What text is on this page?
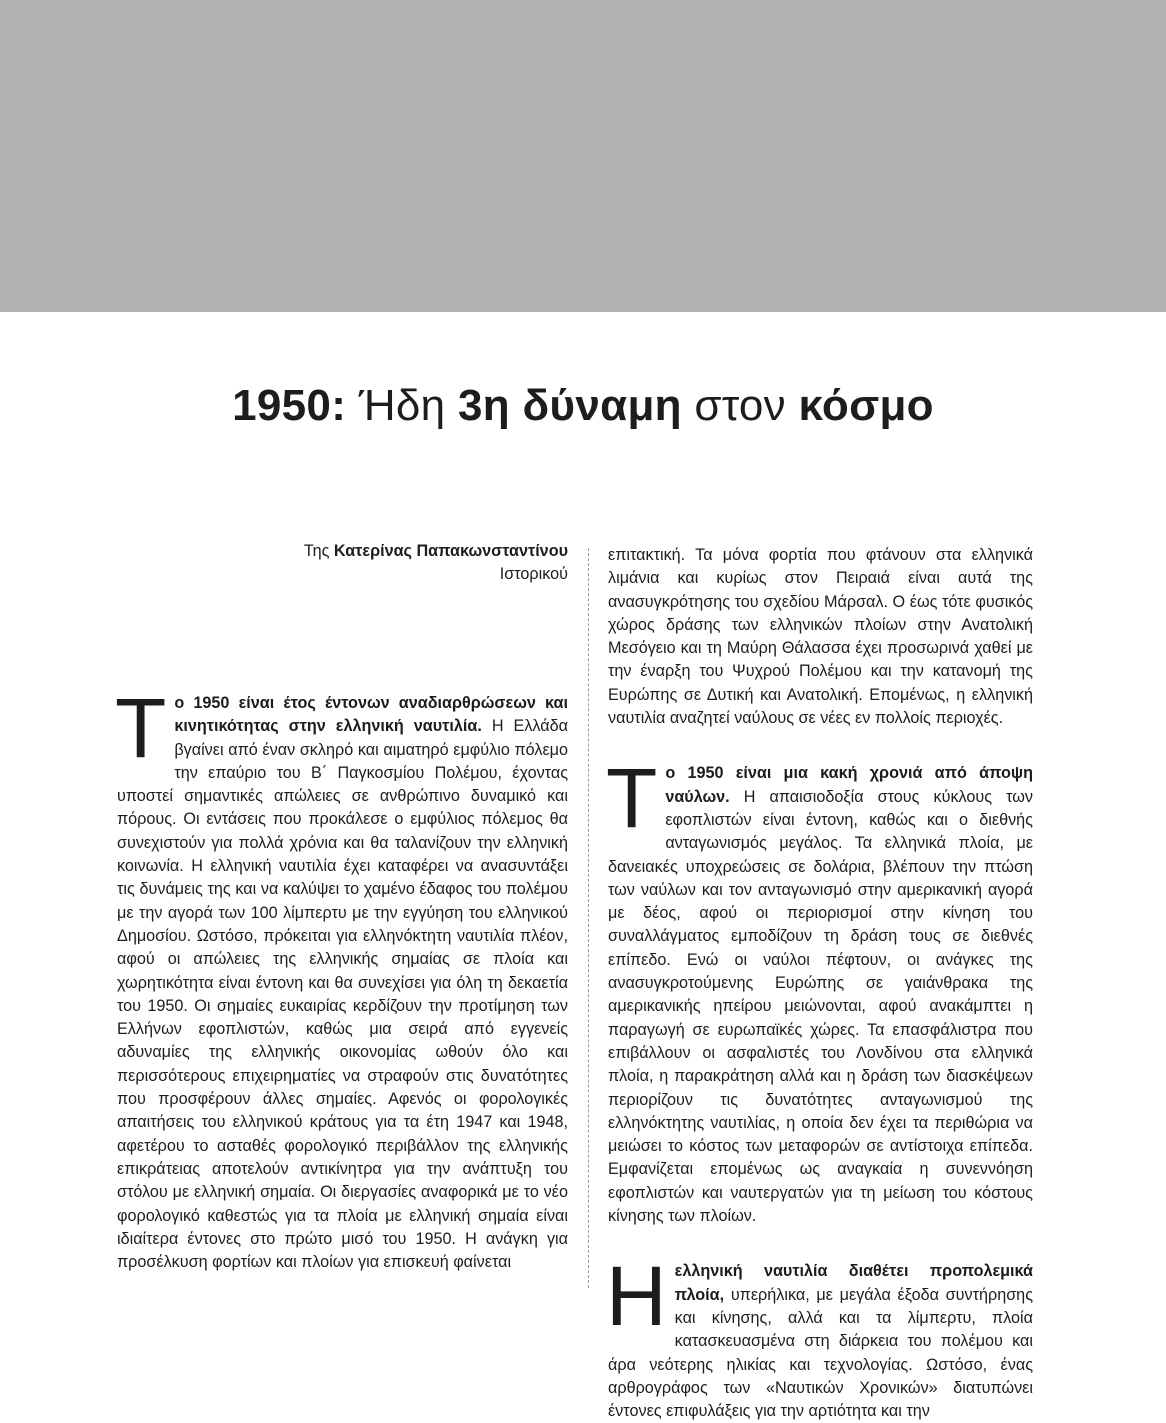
1950: Ήδη 3η δύναμη στον κόσμο
Της Κατερίνας Παπακωνσταντίνου
Ιστορικού

Το 1950 είναι έτος έντονων αναδιαρθρώσεων και κινητικότητας στην ελληνική ναυτιλία. Η Ελλάδα βγαίνει από έναν σκληρό και αιματηρό εμφύλιο πόλεμο την επαύριο του Β΄ Παγκοσμίου Πολέμου, έχοντας υποστεί σημαντικές απώλειες σε ανθρώπινο δυναμικό και πόρους. Οι εντάσεις που προκάλεσε ο εμφύλιος πόλεμος θα συνεχιστούν για πολλά χρόνια και θα ταλανίζουν την ελληνική κοινωνία. Η ελληνική ναυτιλία έχει καταφέρει να ανασυντάξει τις δυνάμεις της και να καλύψει το χαμένο έδαφος του πολέμου με την αγορά των 100 λίμπερτυ με την εγγύηση του ελληνικού Δημοσίου. Ωστόσο, πρόκειται για ελληνόκτητη ναυτιλία πλέον, αφού οι απώλειες της ελληνικής σημαίας σε πλοία και χωρητικότητα είναι έντονη και θα συνεχίσει για όλη τη δεκαετία του 1950. Οι σημαίες ευκαιρίας κερδίζουν την προτίμηση των Ελλήνων εφοπλιστών, καθώς μια σειρά από εγγενείς αδυναμίες της ελληνικής οικονομίας ωθούν όλο και περισσότερους επιχειρηματίες να στραφούν στις δυνατότητες που προσφέρουν άλλες σημαίες. Αφενός οι φορολογικές απαιτήσεις του ελληνικού κράτους για τα έτη 1947 και 1948, αφετέρου το ασταθές φορολογικό περιβάλλον της ελληνικής επικράτειας αποτελούν αντικίνητρα για την ανάπτυξη του στόλου με ελληνική σημαία. Οι διεργασίες αναφορικά με το νέο φορολογικό καθεστώς για τα πλοία με ελληνική σημαία είναι ιδιαίτερα έντονες στο πρώτο μισό του 1950. Η ανάγκη για προσέλκυση φορτίων και πλοίων για επισκευή φαίνεται

επιτακτική. Τα μόνα φορτία που φτάνουν στα ελληνικά λιμάνια και κυρίως στον Πειραιά είναι αυτά της ανασυγκρότησης του σχεδίου Μάρσαλ. Ο έως τότε φυσικός χώρος δράσης των ελληνικών πλοίων στην Ανατολική Μεσόγειο και τη Μαύρη Θάλασσα έχει προσωρινά χαθεί με την έναρξη του Ψυχρού Πολέμου και την κατανομή της Ευρώπης σε Δυτική και Ανατολική. Επομένως, η ελληνική ναυτιλία αναζητεί ναύλους σε νέες εν πολλοίς περιοχές.

Το 1950 είναι μια κακή χρονιά από άποψη ναύλων. Η απαισιοδοξία στους κύκλους των εφοπλιστών είναι έντονη, καθώς και ο διεθνής ανταγωνισμός μεγάλος. Τα ελληνικά πλοία, με δανειακές υποχρεώσεις σε δολάρια, βλέπουν την πτώση των ναύλων και τον ανταγωνισμό στην αμερικανική αγορά με δέος, αφού οι περιορισμοί στην κίνηση του συναλλάγματος εμποδίζουν τη δράση τους σε διεθνές επίπεδο. Ενώ οι ναύλοι πέφτουν, οι ανάγκες της ανασυγκροτούμενης Ευρώπης σε γαιάνθρακα της αμερικανικής ηπείρου μειώνονται, αφού ανακάμπτει η παραγωγή σε ευρωπαϊκές χώρες. Τα επασφάλιστρα που επιβάλλουν οι ασφαλιστές του Λονδίνου στα ελληνικά πλοία, η παρακράτηση αλλά και η δράση των διασκέψεων περιορίζουν τις δυνατότητες ανταγωνισμού της ελληνόκτητης ναυτιλίας, η οποία δεν έχει τα περιθώρια να μειώσει το κόστος των μεταφορών σε αντίστοιχα επίπεδα. Εμφανίζεται επομένως ως αναγκαία η συνεννόηση εφοπλιστών και ναυτεργατών για τη μείωση του κόστους κίνησης των πλοίων.

Ηελληνική ναυτιλία διαθέτει προπολεμικά πλοία, υπερήλικα, με μεγάλα έξοδα συντήρησης και κίνησης, αλλά και τα λίμπερτυ, πλοία κατασκευασμένα στη διάρκεια του πολέμου και άρα νεότερης ηλικίας και τεχνολογίας. Ωστόσο, ένας αρθρογράφος των «Ναυτικών Χρονικών» διατυπώνει έντονες επιφυλάξεις για την αρτιότητα και την
